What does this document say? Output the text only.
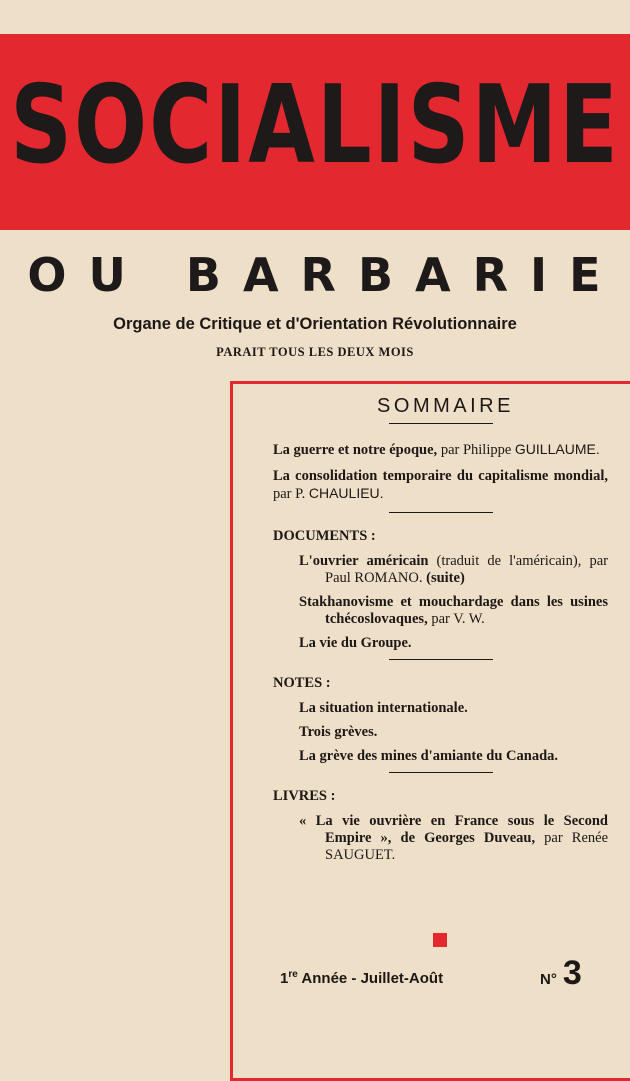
SOCIALISME
OU BARBARIE
Organe de Critique et d'Orientation Révolutionnaire
PARAIT TOUS LES DEUX MOIS
SOMMAIRE
La guerre et notre époque, par Philippe GUILLAUME.
La consolidation temporaire du capitalisme mondial, par P. CHAULIEU.
DOCUMENTS :
L'ouvrier américain (traduit de l'américain), par Paul ROMANO. (suite)
Stakhanovisme et mouchardage dans les usines tchécoslovaques, par V. W.
La vie du Groupe.
NOTES :
La situation internationale.
Trois grèves.
La grève des mines d'amiante du Canada.
LIVRES :
« La vie ouvrière en France sous le Second Empire », de Georges Duveau, par Renée SAUGUET.
1re Année - Juillet-Août	N° 3
